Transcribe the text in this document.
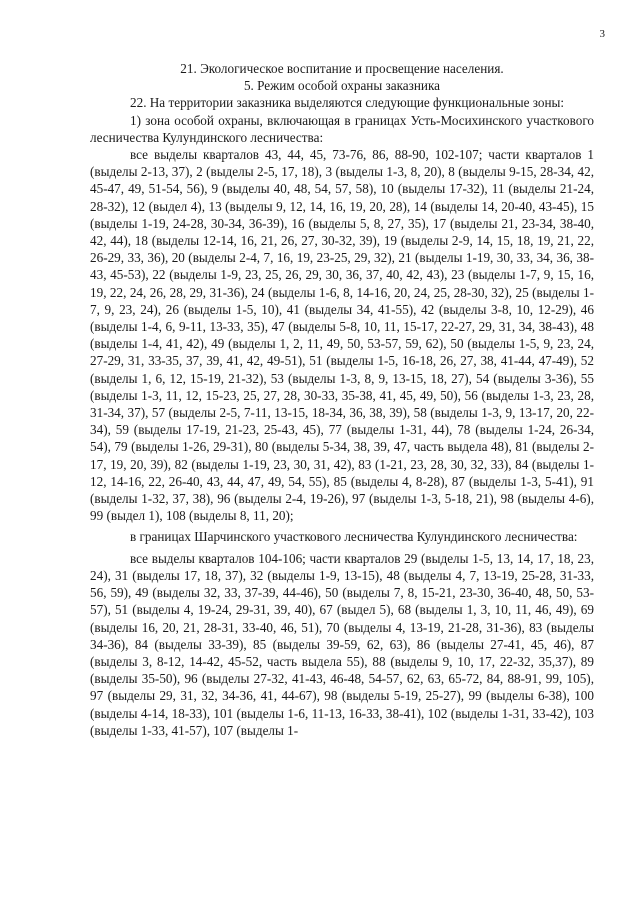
3

21. Экологическое воспитание и просвещение населения.

5. Режим особой охраны заказника

22. На территории заказника выделяются следующие функциональные зоны:

1) зона особой охраны, включающая в границах Усть-Мосихинского участкового лесничества Кулундинского лесничества:

все выделы кварталов 43, 44, 45, 73-76, 86, 88-90, 102-107; части кварталов 1 (выделы 2-13, 37), 2 (выделы 2-5, 17, 18), 3 (выделы 1-3, 8, 20), 8 (выделы 9-15, 28-34, 42, 45-47, 49, 51-54, 56), 9 (выделы 40, 48, 54, 57, 58), 10 (выделы 17-32), 11 (выделы 21-24, 28-32), 12 (выдел 4), 13 (выделы 9, 12, 14, 16, 19, 20, 28), 14 (выделы 14, 20-40, 43-45), 15 (выделы 1-19, 24-28, 30-34, 36-39), 16 (выделы 5, 8, 27, 35), 17 (выделы 21, 23-34, 38-40, 42, 44), 18 (выделы 12-14, 16, 21, 26, 27, 30-32, 39), 19 (выделы 2-9, 14, 15, 18, 19, 21, 22, 26-29, 33, 36), 20 (выделы 2-4, 7, 16, 19, 23-25, 29, 32), 21 (выделы 1-19, 30, 33, 34, 36, 38-43, 45-53), 22 (выделы 1-9, 23, 25, 26, 29, 30, 36, 37, 40, 42, 43), 23 (выделы 1-7, 9, 15, 16, 19, 22, 24, 26, 28, 29, 31-36), 24 (выделы 1-6, 8, 14-16, 20, 24, 25, 28-30, 32), 25 (выделы 1-7, 9, 23, 24), 26 (выделы 1-5, 10), 41 (выделы 34, 41-55), 42 (выделы 3-8, 10, 12-29), 46 (выделы 1-4, 6, 9-11, 13-33, 35), 47 (выделы 5-8, 10, 11, 15-17, 22-27, 29, 31, 34, 38-43), 48 (выделы 1-4, 41, 42), 49 (выделы 1, 2, 11, 49, 50, 53-57, 59, 62), 50 (выделы 1-5, 9, 23, 24, 27-29, 31, 33-35, 37, 39, 41, 42, 49-51), 51 (выделы 1-5, 16-18, 26, 27, 38, 41-44, 47-49), 52 (выделы 1, 6, 12, 15-19, 21-32), 53 (выделы 1-3, 8, 9, 13-15, 18, 27), 54 (выделы 3-36), 55 (выделы 1-3, 11, 12, 15-23, 25, 27, 28, 30-33, 35-38, 41, 45, 49, 50), 56 (выделы 1-3, 23, 28, 31-34, 37), 57 (выделы 2-5, 7-11, 13-15, 18-34, 36, 38, 39), 58 (выделы 1-3, 9, 13-17, 20, 22-34), 59 (выделы 17-19, 21-23, 25-43, 45), 77 (выделы 1-31, 44), 78 (выделы 1-24, 26-34, 54), 79 (выделы 1-26, 29-31), 80 (выделы 5-34, 38, 39, 47, часть выдела 48), 81 (выделы 2-17, 19, 20, 39), 82 (выделы 1-19, 23, 30, 31, 42), 83 (1-21, 23, 28, 30, 32, 33), 84 (выделы 1-12, 14-16, 22, 26-40, 43, 44, 47, 49, 54, 55), 85 (выделы 4, 8-28), 87 (выделы 1-3, 5-41), 91 (выделы 1-32, 37, 38), 96 (выделы 2-4, 19-26), 97 (выделы 1-3, 5-18, 21), 98 (выделы 4-6), 99 (выдел 1), 108 (выделы 8, 11, 20);

в границах Шарчинского участкового лесничества Кулундинского лесничества:

все выделы кварталов 104-106; части кварталов 29 (выделы 1-5, 13, 14, 17, 18, 23, 24), 31 (выделы 17, 18, 37), 32 (выделы 1-9, 13-15), 48 (выделы 4, 7, 13-19, 25-28, 31-33, 56, 59), 49 (выделы 32, 33, 37-39, 44-46), 50 (выделы 7, 8, 15-21, 23-30, 36-40, 48, 50, 53-57), 51 (выделы 4, 19-24, 29-31, 39, 40), 67 (выдел 5), 68 (выделы 1, 3, 10, 11, 46, 49), 69 (выделы 16, 20, 21, 28-31, 33-40, 46, 51), 70 (выделы 4, 13-19, 21-28, 31-36), 83 (выделы 34-36), 84 (выделы 33-39), 85 (выделы 39-59, 62, 63), 86 (выделы 27-41, 45, 46), 87 (выделы 3, 8-12, 14-42, 45-52, часть выдела 55), 88 (выделы 9, 10, 17, 22-32, 35,37), 89 (выделы 35-50), 96 (выделы 27-32, 41-43, 46-48, 54-57, 62, 63, 65-72, 84, 88-91, 99, 105), 97 (выделы 29, 31, 32, 34-36, 41, 44-67), 98 (выделы 5-19, 25-27), 99 (выделы 6-38), 100 (выделы 4-14, 18-33), 101 (выделы 1-6, 11-13, 16-33, 38-41), 102 (выделы 1-31, 33-42), 103 (выделы 1-33, 41-57), 107 (выделы 1-
